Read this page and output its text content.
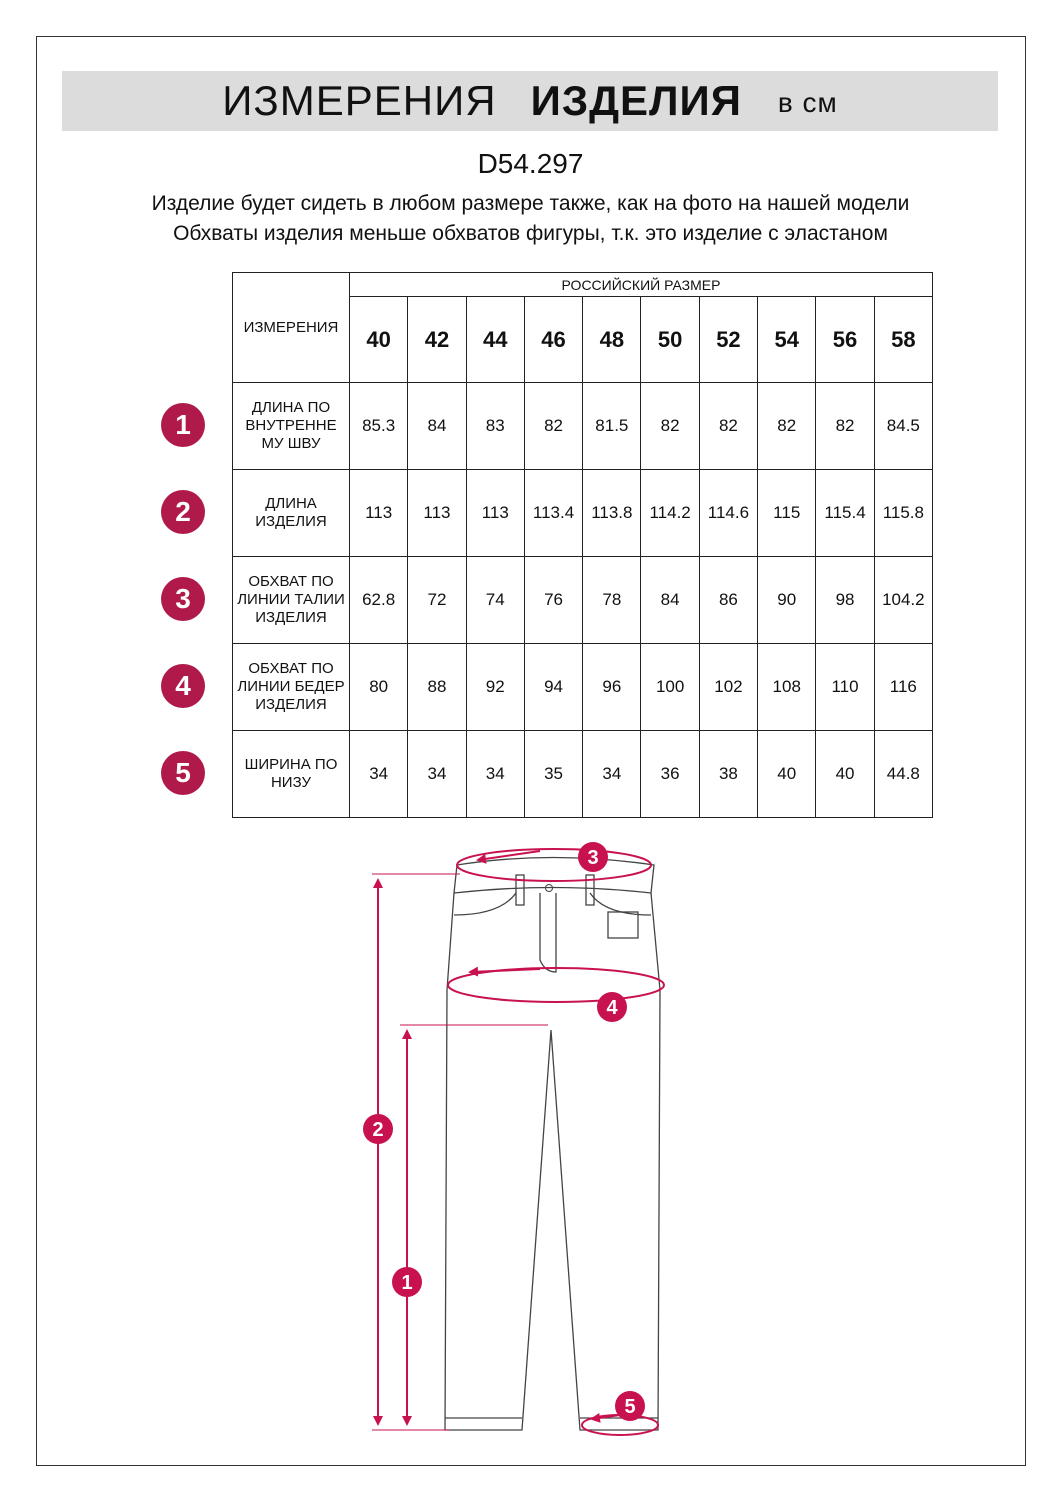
ИЗМЕРЕНИЯ ИЗДЕЛИЯ в см
D54.297
Изделие будет сидеть в любом размере также, как на фото на нашей модели
Обхваты изделия меньше обхватов фигуры, т.к. это изделие с эластаном
ИЗМЕРЕНИЯ	РОССИЙСКИЙ РАЗМЕР									
	40	42	44	46	48	50	52	54	56	58
ДЛИНА ПО ВНУТРЕННЕ МУ ШВУ	85.3	84	83	82	81.5	82	82	82	82	84.5
ДЛИНА ИЗДЕЛИЯ	113	113	113	113.4	113.8	114.2	114.6	115	115.4	115.8
ОБХВАТ ПО ЛИНИИ ТАЛИИ ИЗДЕЛИЯ	62.8	72	74	76	78	84	86	90	98	104.2
ОБХВАТ ПО ЛИНИИ БЕДЕР ИЗДЕЛИЯ	80	88	92	94	96	100	102	108	110	116
ШИРИНА ПО НИЗУ	34	34	34	35	34	36	38	40	40	44.8
1
2
3
4
5
3
4
2
1
5
